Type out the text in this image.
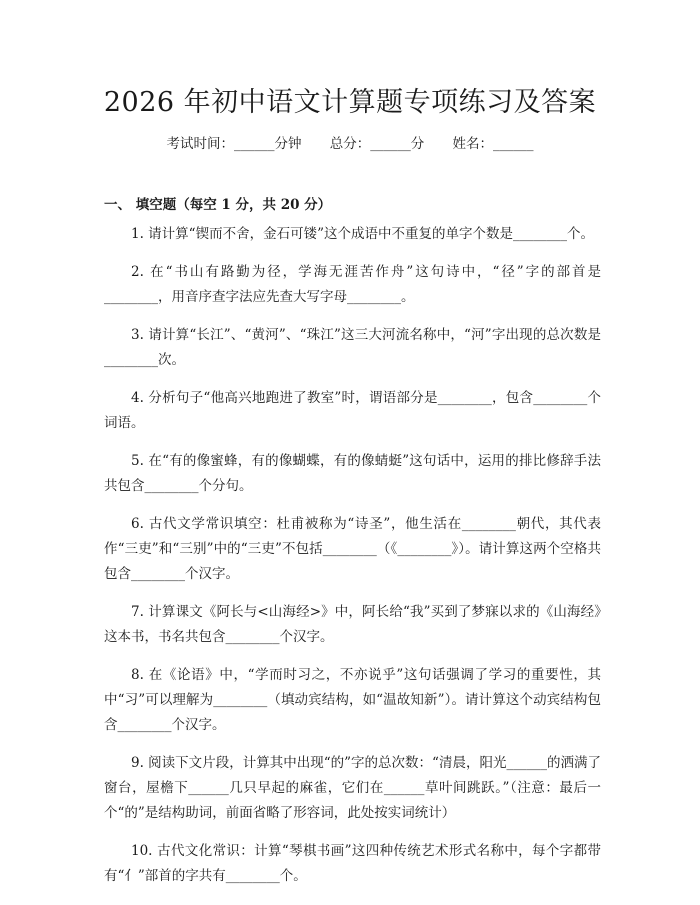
2026 年初中语文计算题专项练习及答案
考试时间：______分钟 总分：______分 姓名：______
一、 填空题（每空 1 分，共 20 分）

1. 请计算“锲而不舍，金石可镂”这个成语中不重复的单字个数是________个。

2. 在“书山有路勤为径，学海无涯苦作舟”这句诗中，“径”字的部首是________，用音序查字法应先查大写字母________。

3. 请计算“长江”、“黄河”、“珠江”这三大河流名称中，“河”字出现的总次数是________次。

4. 分析句子“他高兴地跑进了教室”时，谓语部分是________，包含________个词语。

5. 在“有的像蜜蜂，有的像蝴蝶，有的像蜻蜓”这句话中，运用的排比修辞手法共包含________个分句。

6. 古代文学常识填空：杜甫被称为“诗圣”，他生活在________朝代，其代表作“三吏”和“三别”中的“三吏”不包括________（《________》）。请计算这两个空格共包含________个汉字。

7. 计算课文《阿长与<山海经>》中，阿长给“我”买到了梦寐以求的《山海经》这本书，书名共包含________个汉字。

8. 在《论语》中，“学而时习之，不亦说乎”这句话强调了学习的重要性，其中“习”可以理解为________（填动宾结构，如“温故知新”）。请计算这个动宾结构包含________个汉字。

9. 阅读下文片段，计算其中出现“的”字的总次数：“清晨，阳光______的洒满了窗台，屋檐下______几只早起的麻雀，它们在______草叶间跳跃。”（注意：最后一个“的”是结构助词，前面省略了形容词，此处按实词统计）

10. 古代文化常识：计算“琴棋书画”这四种传统艺术形式名称中，每个字都带有“亻”部首的字共有________个。
